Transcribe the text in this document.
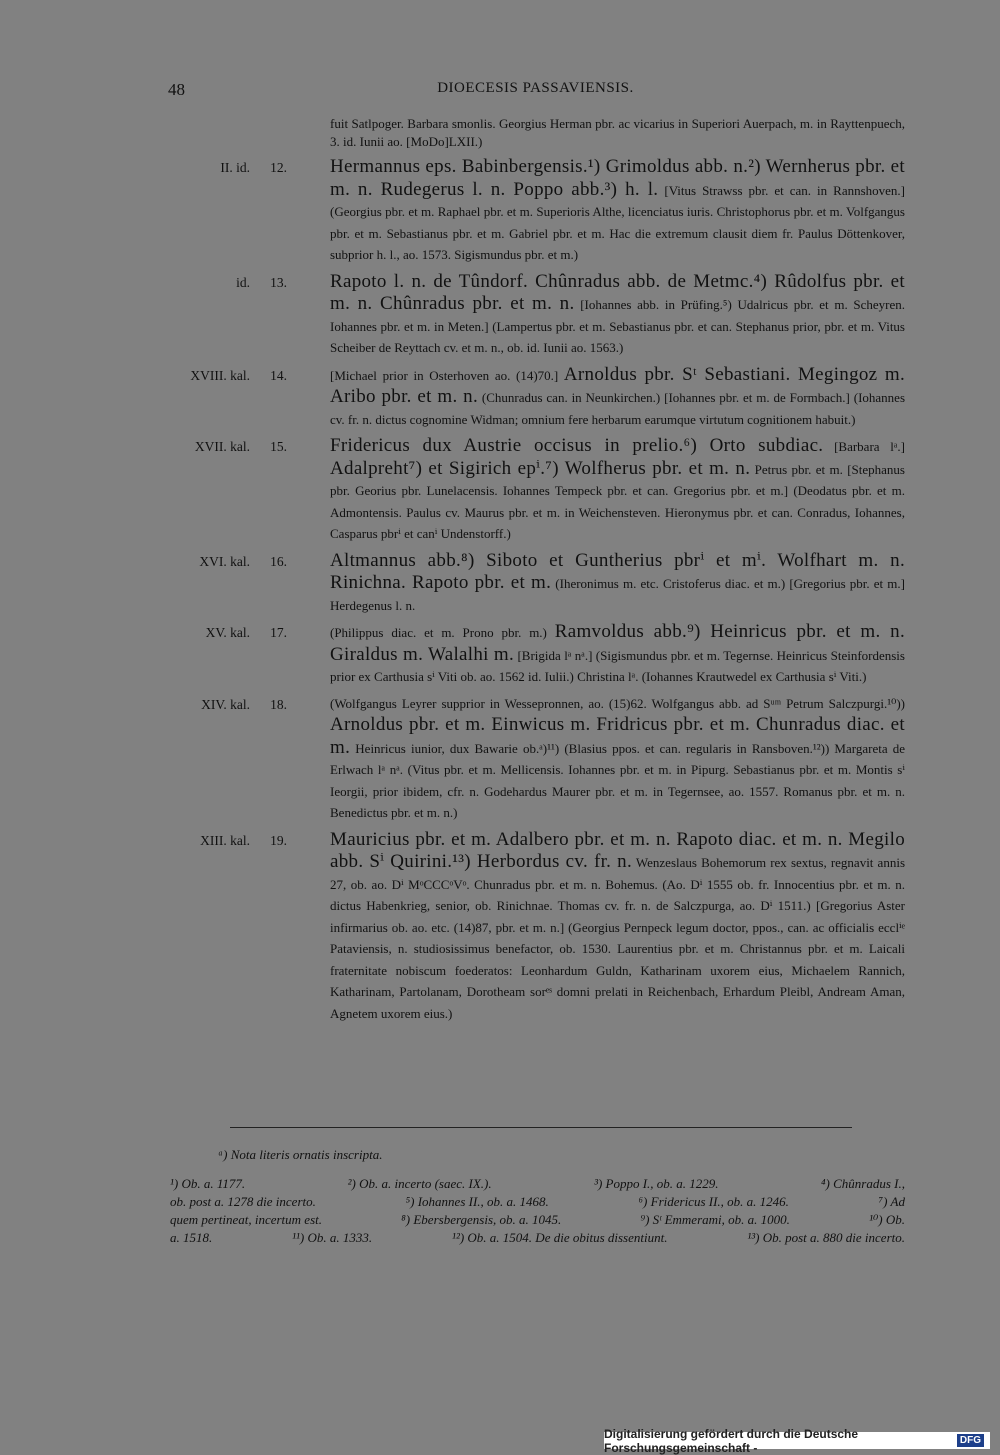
48	DIOECESIS PASSAVIENSIS.
fuit Satlpoger. Barbara smonlis. Georgius Herman pbr. ac vicarius in Superiori Auerpach, m. in Rayttenpuech, 3. id. Iunii ao. [MoDo]LXII.)
II. id.	12. Hermannus eps. Babinbergensis.¹) Grimoldus abb. n.²) Wernherus pbr. et m. n. Rudegerus l. n. Poppo abb.³) h. l. [Vitus Strawss pbr. et can. in Rannshoven.] (Georgius pbr. et m. Raphael pbr. et m. Superioris Althe, licenciatus iuris. Christophorus pbr. et m. Volfgangus pbr. et m. Sebastianus pbr. et m. Gabriel pbr. et m. Hac die extremum clausit diem fr. Paulus Döttenkover, subprior h. l., ao. 1573. Sigismundus pbr. et m.)
id.	13. Rapoto l. n. de Tûndorf. Chûnradus abb. de Metmc.⁴) Rûdolfus pbr. et m. n. Chûnradus pbr. et m. n. [Iohannes abb. in Prüfing.⁵) Udalricus pbr. et m. Scheyren. Iohannes pbr. et m. in Meten.] (Lampertus pbr. et m. Sebastianus pbr. et can. Stephanus prior, pbr. et m. Vitus Scheiber de Reyttach cv. et m. n., ob. id. Iunii ao. 1563.)
XVIII. kal.	14.	[Michael prior in Osterhoven ao. (14)70.] Arnoldus pbr. Sᵗ Sebastiani. Megingoz m. Aribo pbr. et m. n. (Chunradus can. in Neunkirchen.) [Iohannes pbr. et m. de Formbach.] (Iohannes cv. fr. n. dictus cognomine Widman; omnium fere herbarum earumque virtutum cognitionem habuit.)
XVII. kal.	15. Fridericus dux Austrie occisus in prelio.⁶) Orto subdiac. [Barbara lᵃ.] Adalpreht⁷) et Sigirich epⁱ.⁷) Wolfherus pbr. et m. n. Petrus pbr. et m. [Stephanus pbr. Georius pbr. Lunelacensis. Iohannes Tempeck pbr. et can. Gregorius pbr. et m.] (Deodatus pbr. et m. Admontensis. Paulus cv. Maurus pbr. et m. in Weichensteven. Hieronymus pbr. et can. Conradus, Iohannes, Casparus pbrⁱ et canⁱ Undenstorff.)
XVI. kal.	16. Altmannus abb.⁸) Siboto et Guntherius pbrⁱ et mⁱ. Wolfhart m. n. Rinichna. Rapoto pbr. et m. (Iheronimus m. etc. Cristoferus diac. et m.) [Gregorius pbr. et m.] Herdegenus l. n.
XV. kal.	17.	(Philippus diac. et m. Prono pbr. m.) Ramvoldus abb.⁹) Heinricus pbr. et m. n. Giraldus m. Walalhi m. [Brigida lᵃ nᵃ.] (Sigismundus pbr. et m. Tegernse. Heinricus Steinfordensis prior ex Carthusia sⁱ Viti ob. ao. 1562 id. Iulii.) Christina lᵃ. (Iohannes Krautwedel ex Carthusia sⁱ Viti.)
XIV. kal.	18.	(Wolfgangus Leyrer supprior in Wessepronnen, ao. (15)62. Wolfgangus abb. ad Sᵘᵐ Petrum Salczpurgi.¹⁰)) Arnoldus pbr. et m. Einwicus m. Fridricus pbr. et m. Chunradus diac. et m. Heinricus iunior, dux Bawarie ob.ᵃ)¹¹) (Blasius ppos. et can. regularis in Ransboven.¹²)) Margareta de Erlwach lᵃ nᵃ. (Vitus pbr. et m. Mellicensis. Iohannes pbr. et m. in Pipurg. Sebastianus pbr. et m. Montis sⁱ Ieorgii, prior ibidem, cfr. n. Godehardus Maurer pbr. et m. in Tegernsee, ao. 1557. Romanus pbr. et m. n. Benedictus pbr. et m. n.)
XIII. kal.	19. Mauricius pbr. et m. Adalbero pbr. et m. n. Rapoto diac. et m. n. Megilo abb. Sⁱ Quirini.¹³) Herbordus cv. fr. n. Wenzeslaus Bohemorum rex sextus, regnavit annis 27, ob. ao. Dⁱ MᵒCCCᵒVᵒ. Chunradus pbr. et m. n. Bohemus. (Ao. Dⁱ 1555 ob. fr. Innocentius pbr. et m. n. dictus Habenkrieg, senior, ob. Rinichnae. Thomas cv. fr. n. de Salczpurga, ao. Dⁱ 1511.) [Gregorius Aster infirmarius ob. ao. etc. (14)87, pbr. et m. n.] (Georgius Pernpeck legum doctor, ppos., can. ac officialis ecclⁱᵉ Pataviensis, n. studiosissimus benefactor, ob. 1530. Laurentius pbr. et m. Christannus pbr. et m. Laicali fraternitate nobiscum foederatos: Leonhardum Guldn, Katharinam uxorem eius, Michaelem Rannich, Katharinam, Partolanam, Dorotheam sorᵉˢ domni prelati in Reichenbach, Erhardum Pleibl, Andream Aman, Agnetem uxorem eius.)
ᵃ) Nota literis ornatis inscripta.
¹) Ob. a. 1177.	²) Ob. a. incerto (saec. IX.).	³) Poppo I., ob. a. 1229.	⁴) Chûnradus I.,
ob. post a. 1278 die incerto.	⁵) Iohannes II., ob. a. 1468.	⁶) Fridericus II., ob. a. 1246.	⁷) Ad
quem pertineat, incertum est.	⁸) Ebersbergensis, ob. a. 1045.	⁹) Sᵗ Emmerami, ob. a. 1000.	¹⁰) Ob.
a. 1518.	¹¹) Ob. a. 1333.	¹²) Ob. a. 1504. De die obitus dissentiunt.	¹³) Ob. post a. 880 die incerto.
Digitalisierung gefördert durch die Deutsche Forschungsgemeinschaft -	DFG
